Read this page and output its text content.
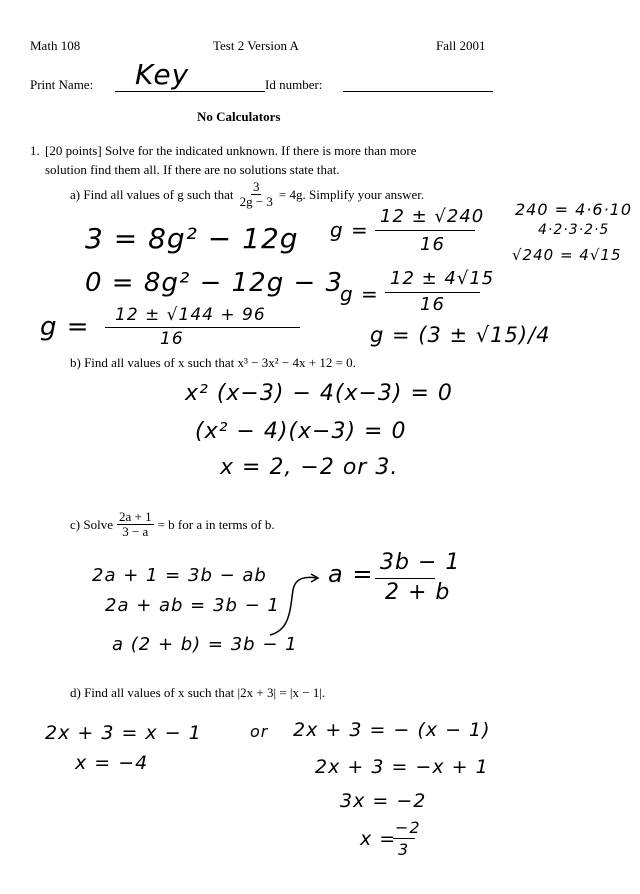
Math 108	Test 2 Version A	Fall 2001
Print Name: Key	Id number:
No Calculators
1. [20 points] Solve for the indicated unknown. If there is more than more
solution find them all. If there are no solutions state that.
a) Find all values of g such that $\frac{3}{2g - 3} = 4g$. Simplify your answer.
3 = 8g² − 12g
0 = 8g² − 12g − 3
g = 12 ± √144 + 96
16
g =
12 ± √240
16
g =
12 ± 4√15
16
g = (3 ± √15)/4
240 = 4·6·10
4·2·3·2·5
√240 = 4√15
b) Find all values of x such that x³ − 3x² − 4x + 12 = 0.
x² (x−3) − 4(x−3) = 0
(x² − 4)(x−3) = 0
x = 2, −2 or 3.
c) Solve $\frac{2a + 1}{3 - a} = b$ for a in terms of b.
2a + 1 = 3b − ab
2a + ab = 3b − 1
a (2 + b) = 3b − 1
a = 3b − 1
2 + b
d) Find all values of x such that |2x + 3| = |x − 1|.
2x + 3 = x − 1
x = −4
or 2x + 3 = − (x − 1)
2x + 3 = −x + 1
3x = −2
x =
−2
3
